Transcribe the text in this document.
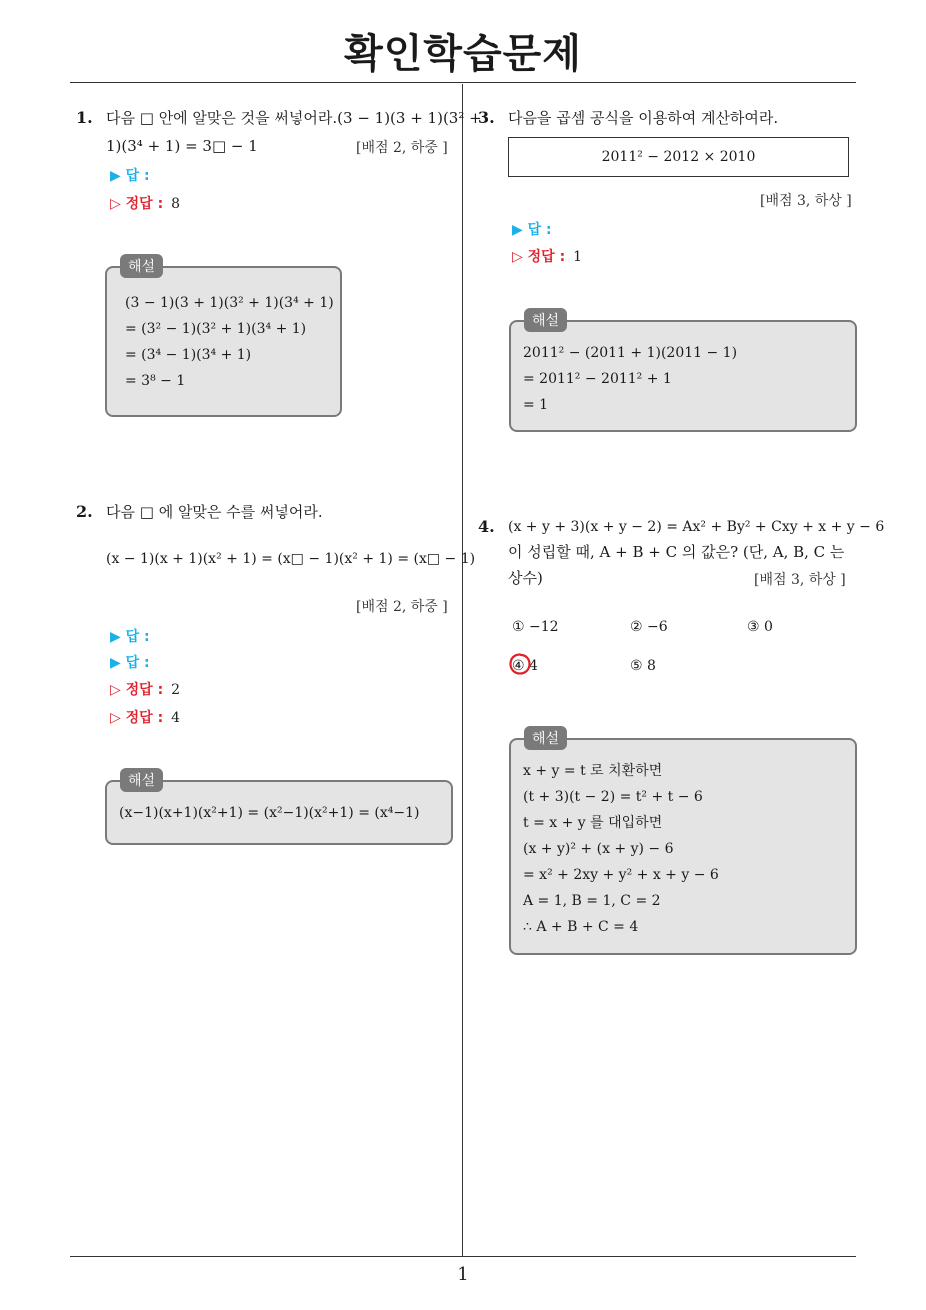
확인학습문제
1
1. 다음 □ 안에 알맞은 것을 써넣어라.(3 − 1)(3 + 1)(3² +
1)(3⁴ + 1) = 3□ − 1	[배점 2, 하중 ]
▶ 답 :
▷ 정답 : 8
(3 − 1)(3 + 1)(3² + 1)(3⁴ + 1)
= (3² − 1)(3² + 1)(3⁴ + 1)
= (3⁴ − 1)(3⁴ + 1)
= 3⁸ − 1
해설
2. 다음 □ 에 알맞은 수를 써넣어라.
(x − 1)(x + 1)(x² + 1) = (x□ − 1)(x² + 1) = (x□ − 1)
[배점 2, 하중 ]
▶ 답 :
▶ 답 :
▷ 정답 : 2
▷ 정답 : 4
(x−1)(x+1)(x²+1) = (x²−1)(x²+1) = (x⁴−1)
해설
3. 다음을 곱셈 공식을 이용하여 계산하여라.
2011² − 2012 × 2010
[배점 3, 하상 ]
▶ 답 :
▷ 정답 : 1
2011² − (2011 + 1)(2011 − 1)
= 2011² − 2011² + 1
= 1
해설
4. (x + y + 3)(x + y − 2) = Ax² + By² + Cxy + x + y − 6
이 성립할 때, A + B + C 의 값은? (단, A, B, C 는
상수)	[배점 3, 하상 ]
① −12	② −6	③ 0
④ 4	⑤ 8
x + y = t 로 치환하면
(t + 3)(t − 2) = t² + t − 6
t = x + y 를 대입하면
(x + y)² + (x + y) − 6
= x² + 2xy + y² + x + y − 6
A = 1, B = 1, C = 2
∴ A + B + C = 4
해설
